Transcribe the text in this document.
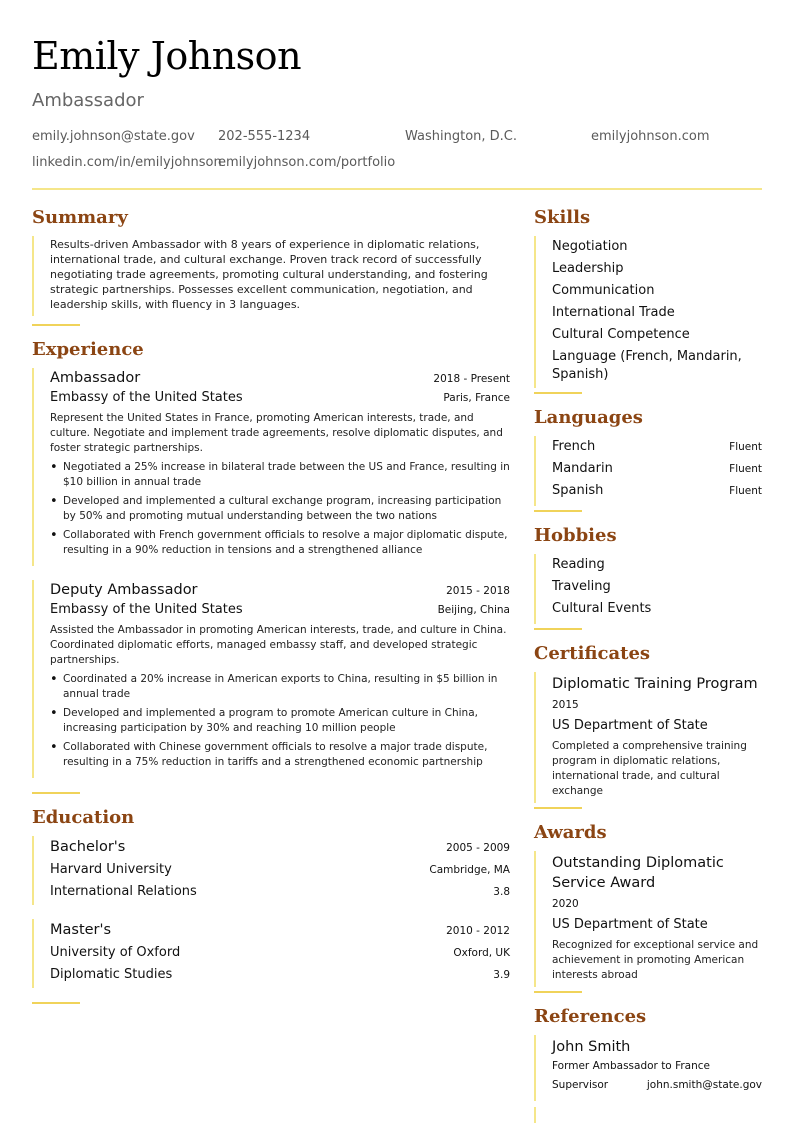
Emily Johnson
Ambassador
emily.johnson@state.gov 202-555-1234	Washington, D.C.	emilyjohnson.com
linkedin.com/in/emilyjohnson
emilyjohnson.com/portfolio
Summary
Results-driven Ambassador with 8 years of experience in diplomatic relations, international trade, and cultural exchange. Proven track record of successfully negotiating trade agreements, promoting cultural understanding, and fostering strategic partnerships. Possesses excellent communication, negotiation, and leadership skills, with fluency in 3 languages.
Experience
Ambassador	2018 - Present
Embassy of the United States	Paris, France
Represent the United States in France, promoting American interests, trade, and culture. Negotiate and implement trade agreements, resolve diplomatic disputes, and foster strategic partnerships.
• Negotiated a 25% increase in bilateral trade between the US and France, resulting in $10 billion in annual trade
• Developed and implemented a cultural exchange program, increasing participation by 50% and promoting mutual understanding between the two nations
• Collaborated with French government officials to resolve a major diplomatic dispute, resulting in a 90% reduction in tensions and a strengthened alliance
Deputy Ambassador	2015 - 2018
Embassy of the United States	Beijing, China
Assisted the Ambassador in promoting American interests, trade, and culture in China. Coordinated diplomatic efforts, managed embassy staff, and developed strategic partnerships.
• Coordinated a 20% increase in American exports to China, resulting in $5 billion in annual trade
• Developed and implemented a program to promote American culture in China, increasing participation by 30% and reaching 10 million people
• Collaborated with Chinese government officials to resolve a major trade dispute, resulting in a 75% reduction in tariffs and a strengthened economic partnership
Education
Bachelor's	2005 - 2009
Harvard University	Cambridge, MA
International Relations	3.8
Master's	2010 - 2012
University of Oxford	Oxford, UK
Diplomatic Studies	3.9
Skills
Negotiation
Leadership
Communication
International Trade
Cultural Competence
Language (French, Mandarin, Spanish)
Languages
French	Fluent
Mandarin	Fluent
Spanish	Fluent
Hobbies
Reading
Traveling
Cultural Events
Certificates
Diplomatic Training Program
2015
US Department of State
Completed a comprehensive training program in diplomatic relations, international trade, and cultural exchange
Awards
Outstanding Diplomatic Service Award
2020
US Department of State
Recognized for exceptional service and achievement in promoting American interests abroad
References
John Smith
Former Ambassador to France
Supervisor	john.smith@state.gov
